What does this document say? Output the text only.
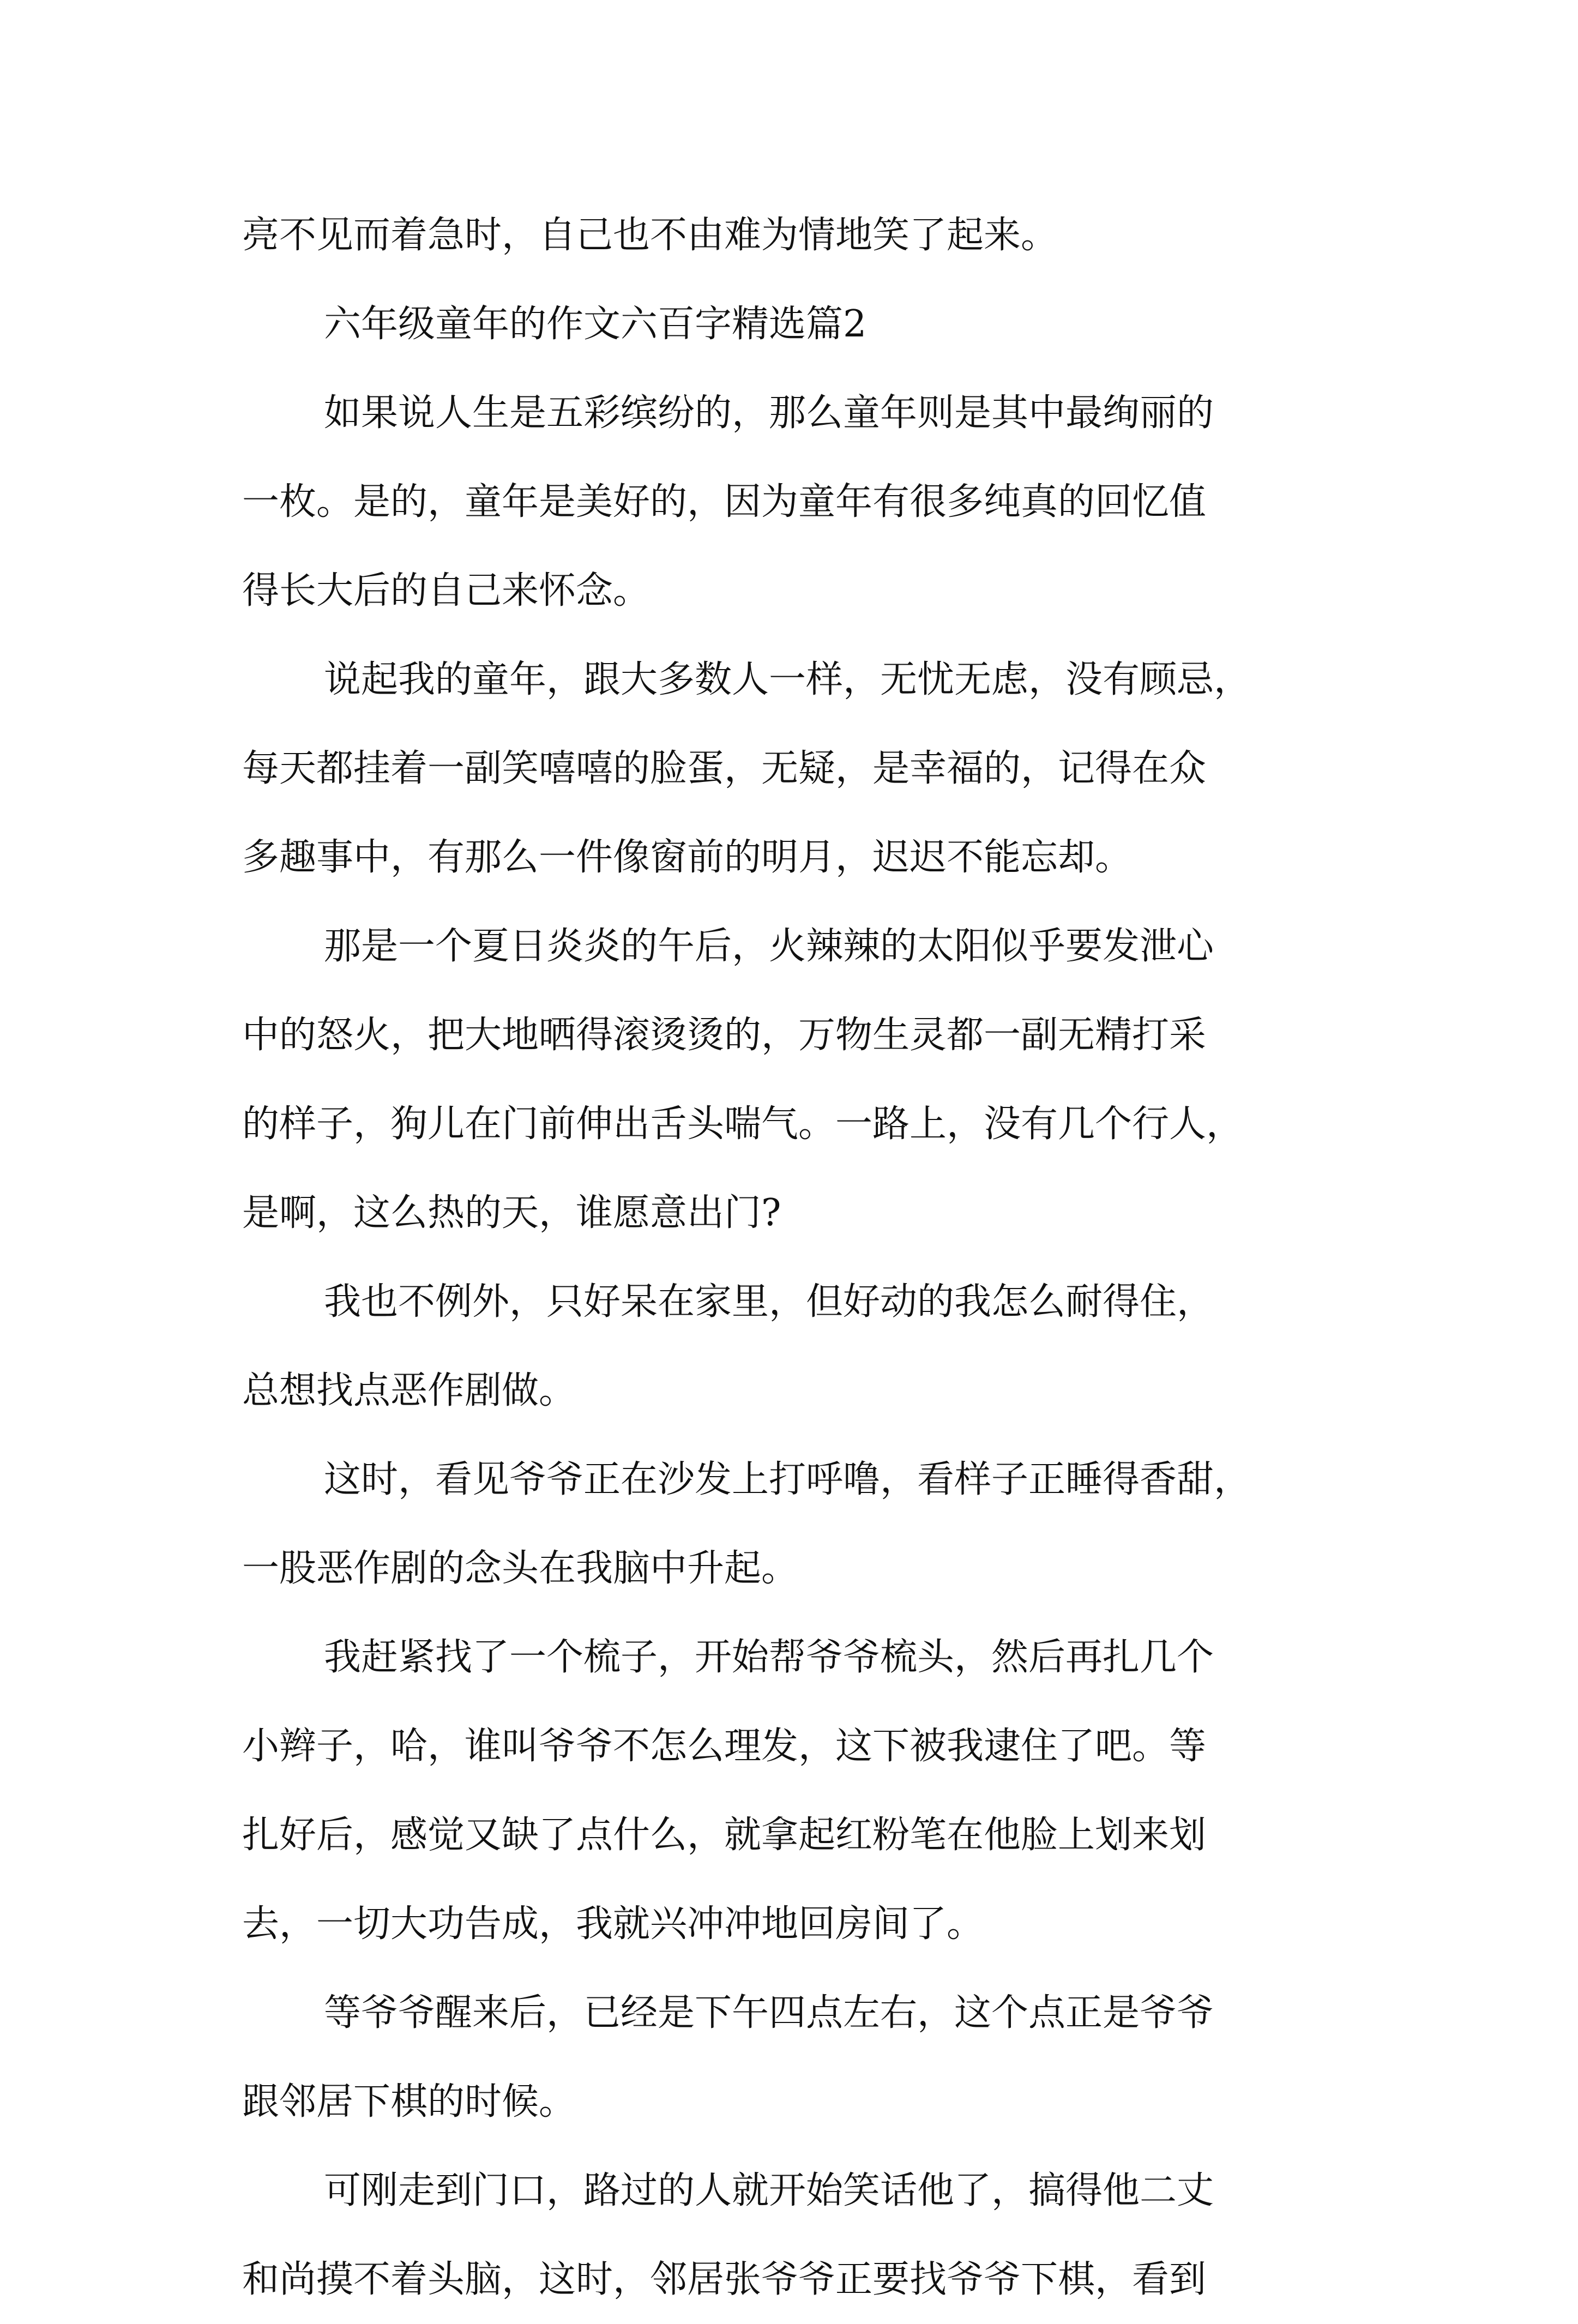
亮不见而着急时，自己也不由难为情地笑了起来。
六年级童年的作文六百字精选篇2
如果说人生是五彩缤纷的，那么童年则是其中最绚丽的
一枚。是的，童年是美好的，因为童年有很多纯真的回忆值
得长大后的自己来怀念。
说起我的童年，跟大多数人一样，无忧无虑，没有顾忌，
每天都挂着一副笑嘻嘻的脸蛋，无疑，是幸福的，记得在众
多趣事中，有那么一件像窗前的明月，迟迟不能忘却。
那是一个夏日炎炎的午后，火辣辣的太阳似乎要发泄心
中的怒火，把大地晒得滚烫烫的，万物生灵都一副无精打采
的样子，狗儿在门前伸出舌头喘气。一路上，没有几个行人，
是啊，这么热的天，谁愿意出门?
我也不例外，只好呆在家里，但好动的我怎么耐得住，
总想找点恶作剧做。
这时，看见爷爷正在沙发上打呼噜，看样子正睡得香甜，
一股恶作剧的念头在我脑中升起。
我赶紧找了一个梳子，开始帮爷爷梳头，然后再扎几个
小辫子，哈，谁叫爷爷不怎么理发，这下被我逮住了吧。等
扎好后，感觉又缺了点什么，就拿起红粉笔在他脸上划来划
去，一切大功告成，我就兴冲冲地回房间了。
等爷爷醒来后，已经是下午四点左右，这个点正是爷爷
跟邻居下棋的时候。
可刚走到门口，路过的人就开始笑话他了，搞得他二丈
和尚摸不着头脑，这时，邻居张爷爷正要找爷爷下棋，看到
